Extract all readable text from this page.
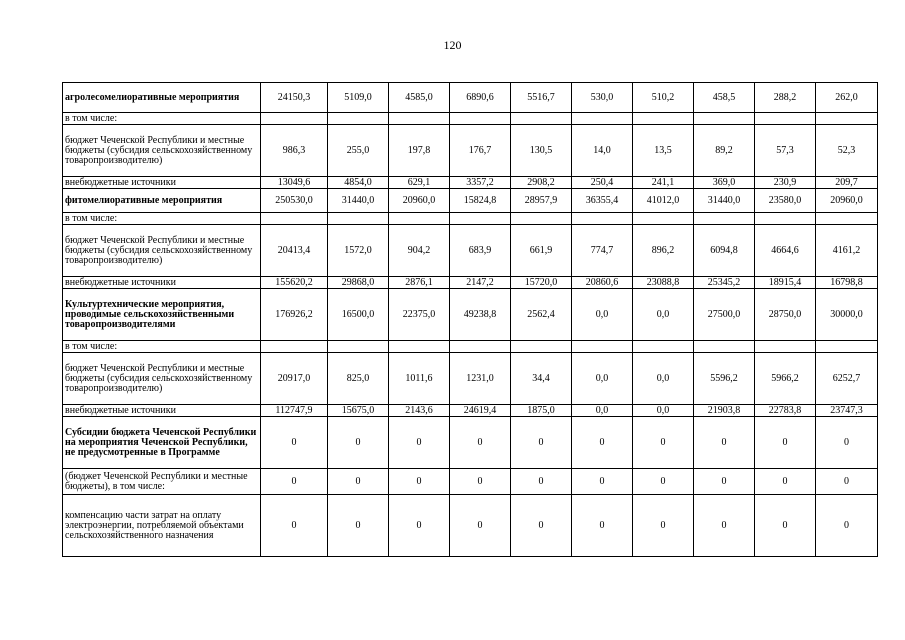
120
агролесомелиоративные мероприятия	24150,3	5109,0	4585,0	6890,6	5516,7	530,0	510,2	458,5	288,2	262,0
в том числе:										
бюджет Чеченской Республики и местные бюджеты (субсидия сельскохозяйственному товаропроизводителю)	986,3	255,0	197,8	176,7	130,5	14,0	13,5	89,2	57,3	52,3
внебюджетные источники	13049,6	4854,0	629,1	3357,2	2908,2	250,4	241,1	369,0	230,9	209,7
фитомелиоративные мероприятия	250530,0	31440,0	20960,0	15824,8	28957,9	36355,4	41012,0	31440,0	23580,0	20960,0
в том числе:										
бюджет Чеченской Республики и местные бюджеты (субсидия сельскохозяйственному товаропроизводителю)	20413,4	1572,0	904,2	683,9	661,9	774,7	896,2	6094,8	4664,6	4161,2
внебюджетные источники	155620,2	29868,0	2876,1	2147,2	15720,0	20860,6	23088,8	25345,2	18915,4	16798,8
Культуртехнические мероприятия, проводимые сельскохозяйственными товаропроизводителями	176926,2	16500,0	22375,0	49238,8	2562,4	0,0	0,0	27500,0	28750,0	30000,0
в том числе:										
бюджет Чеченской Республики и местные бюджеты (субсидия сельскохозяйственному товаропроизводителю)	20917,0	825,0	1011,6	1231,0	34,4	0,0	0,0	5596,2	5966,2	6252,7
внебюджетные источники	112747,9	15675,0	2143,6	24619,4	1875,0	0,0	0,0	21903,8	22783,8	23747,3
Субсидии бюджета Чеченской Республики на мероприятия Чеченской Республики, не предусмотренные в Программе	0	0	0	0	0	0	0	0	0	0
(бюджет Чеченской Республики и местные бюджеты), в том числе:	0	0	0	0	0	0	0	0	0	0
компенсацию части затрат на оплату электроэнергии, потребляемой объектами сельскохозяйственного назначения	0	0	0	0	0	0	0	0	0	0
